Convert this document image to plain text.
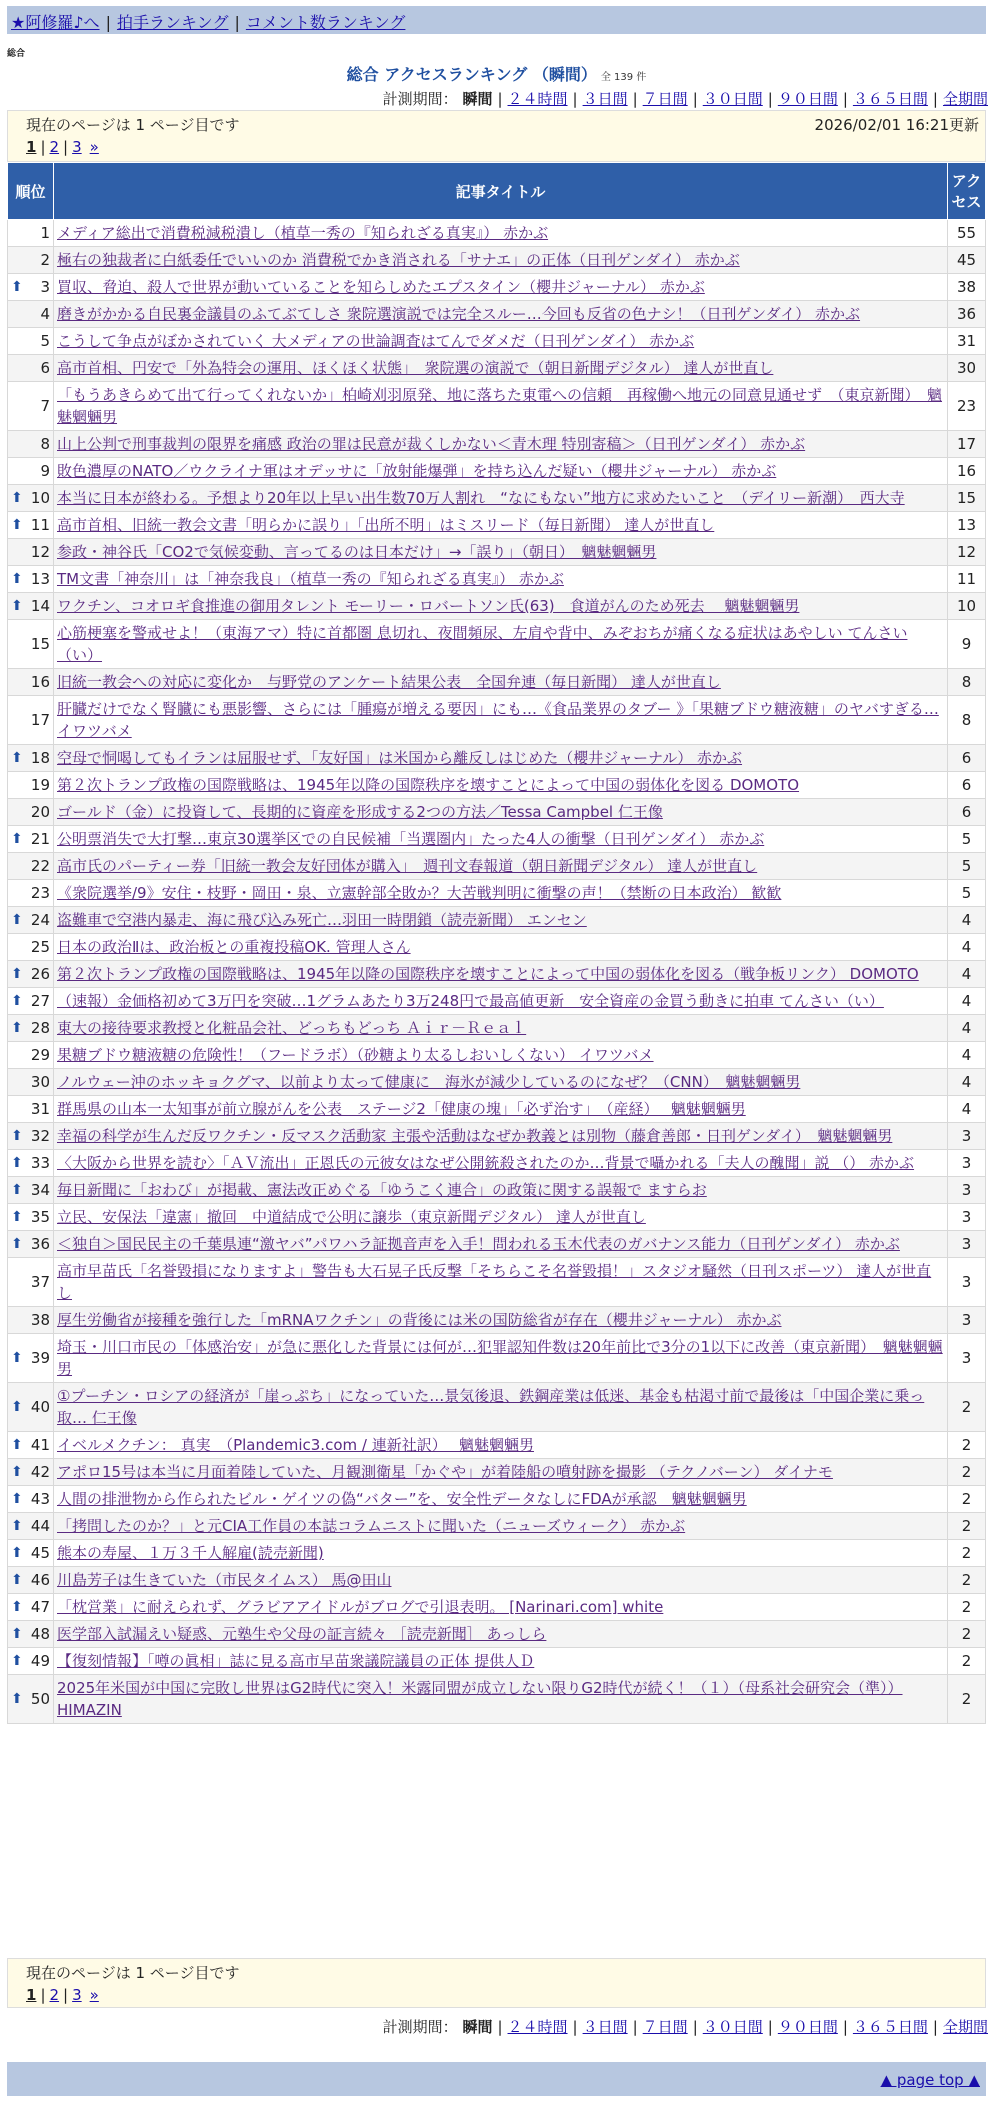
★阿修羅♪へ | 拍手ランキング | コメント数ランキング
総合
総合 アクセスランキング （瞬間） 全 139 件
計測期間： 瞬間 | ２４時間 | ３日間 | ７日間 | ３０日間 | ９０日間 | ３６５日間 | 全期間
現在のページは 1 ページ目です	2026/02/01 16:21更新
1 | 2 | 3 »
順位	記事タイトル	アクセス
1	メディア総出で消費税減税潰し（植草一秀の『知られざる真実』） 赤かぶ	55
2	極右の独裁者に白紙委任でいいのか 消費税でかき消される「サナエ」の正体（日刊ゲンダイ） 赤かぶ	45

⬆ 3	買収、脅迫、殺人で世界が動いていることを知らしめたエプスタイン（櫻井ジャーナル） 赤かぶ	38
4	磨きがかかる自民裏金議員のふてぶてしさ 衆院選演説では完全スルー…今回も反省の色ナシ！（日刊ゲンダイ） 赤かぶ	36
5	こうして争点がぼかされていく 大メディアの世論調査はてんでダメだ（日刊ゲンダイ） 赤かぶ	31
6	高市首相、円安で「外為特会の運用、ほくほく状態」　衆院選の演説で（朝日新聞デジタル） 達人が世直し	30
7	「もうあきらめて出て行ってくれないか」柏崎刈羽原発、地に落ちた東電への信頼　再稼働へ地元の同意見通せず　（東京新聞）　魑魅魍魎男	23
8	山上公判で刑事裁判の限界を痛感 政治の罪は民意が裁くしかない＜青木理 特別寄稿＞（日刊ゲンダイ） 赤かぶ	17
9	敗色濃厚のNATO／ウクライナ軍はオデッサに「放射能爆弾」を持ち込んだ疑い（櫻井ジャーナル） 赤かぶ	16

⬆ 10	本当に日本が終わる。予想より20年以上早い出生数70万人割れ　“なにもない”地方に求めたいこと　（デイリー新潮）　西大寺	15

⬆ 11	高市首相、旧統一教会文書「明らかに誤り」「出所不明」はミスリード（毎日新聞） 達人が世直し	13
12	参政・神谷氏「CO2で気候変動、言ってるのは日本だけ」→「誤り」（朝日）　魑魅魍魎男	12

⬆ 13	TM文書「神奈川」は「神奈我良」（植草一秀の『知られざる真実』） 赤かぶ	11

⬆ 14	ワクチン、コオロギ食推進の御用タレント モーリー・ロバートソン氏(63)　食道がんのため死去　 魑魅魍魎男	10
15	心筋梗塞を警戒せよ！（東海アマ）特に首都圏 息切れ、夜間頻尿、左肩や背中、みぞおちが痛くなる症状はあやしい てんさい（い）	9
16	旧統一教会への対応に変化か　与野党のアンケート結果公表　全国弁連（毎日新聞） 達人が世直し	8
17	肝臓だけでなく腎臓にも悪影響、さらには「腫瘍が増える要因」にも…《食品業界のタブー 》「果糖ブドウ糖液糖」のヤバすぎる… イワツバメ	8

⬆ 18	空母で恫喝してもイランは屈服せず、「友好国」は米国から離反しはじめた（櫻井ジャーナル） 赤かぶ	6
19	第２次トランプ政権の国際戦略は、1945年以降の国際秩序を壊すことによって中国の弱体化を図る DOMOTO	6
20	ゴールド（金）に投資して、長期的に資産を形成する2つの方法／Tessa Campbel 仁王像	6

⬆ 21	公明票消失で大打撃…東京30選挙区での自民候補「当選圏内」たった4人の衝撃（日刊ゲンダイ） 赤かぶ	5
22	高市氏のパーティー券「旧統一教会友好団体が購入」　週刊文春報道（朝日新聞デジタル） 達人が世直し	5
23	《衆院選挙/9》安住・枝野・岡田・泉、立憲幹部全敗か？大苦戦判明に衝撃の声！（禁断の日本政治） 歓歓	5

⬆ 24	盗難車で空港内暴走、海に飛び込み死亡…羽田一時閉鎖（読売新聞） エンセン	4
25	日本の政治Ⅱは、政治板との重複投稿OK. 管理人さん	4

⬆ 26	第２次トランプ政権の国際戦略は、1945年以降の国際秩序を壊すことによって中国の弱体化を図る（戦争板リンク） DOMOTO	4

⬆ 27	（速報）金価格初めて3万円を突破…1グラムあたり3万248円で最高値更新　安全資産の金買う動きに拍車 てんさい（い）	4

⬆ 28	東大の接待要求教授と化粧品会社、どっちもどっち Ａｉｒ－Ｒｅａｌ	4
29	果糖ブドウ糖液糖の危険性！（フードラボ）（砂糖より太るしおいしくない） イワツバメ	4
30	ノルウェー沖のホッキョクグマ、以前より太って健康に　海氷が減少しているのになぜ？（CNN）　魑魅魍魎男	4
31	群馬県の山本一太知事が前立腺がんを公表　ステージ2「健康の塊」「必ず治す」　（産経）　 魑魅魍魎男	4

⬆ 32	幸福の科学が生んだ反ワクチン・反マスク活動家 主張や活動はなぜか教義とは別物（藤倉善郎・日刊ゲンダイ）　魑魅魍魎男	3

⬆ 33	〈大阪から世界を読む〉「ＡＶ流出」正恩氏の元彼女はなぜ公開銃殺されたのか…背景で囁かれる「夫人の醜聞」説 （） 赤かぶ	3

⬆ 34	毎日新聞に「おわび」が掲載、憲法改正めぐる「ゆうこく連合」の政策に関する誤報で ますらお	3

⬆ 35	立民、安保法「違憲」撤回　中道結成で公明に譲歩（東京新聞デジタル） 達人が世直し	3

⬆ 36	＜独自＞国民民主の千葉県連“激ヤバ”パワハラ証拠音声を入手！問われる玉木代表のガバナンス能力（日刊ゲンダイ） 赤かぶ	3
37	高市早苗氏「名誉毀損になりますよ」警告も大石晃子氏反撃「そちらこそ名誉毀損！」スタジオ騒然（日刊スポーツ） 達人が世直し	3
38	厚生労働省が接種を強行した「mRNAワクチン」の背後には米の国防総省が存在（櫻井ジャーナル） 赤かぶ	3

⬆ 39	埼玉・川口市民の「体感治安」が急に悪化した背景には何が…犯罪認知件数は20年前比で3分の1以下に改善（東京新聞）　魑魅魍魎男	3

⬆ 40	①プーチン・ロシアの経済が「崖っぷち」になっていた…景気後退、鉄鋼産業は低迷、基金も枯渇寸前で最後は「中国企業に乗っ取… 仁王像	2

⬆ 41	イベルメクチン： 真実　（Plandemic3.com / 連新社訳）　 魑魅魍魎男	2

⬆ 42	アポロ15号は本当に月面着陸していた、月観測衛星「かぐや」が着陸船の噴射跡を撮影 （テクノバーン） ダイナモ	2

⬆ 43	人間の排泄物から作られたビル・ゲイツの偽“バター”を、安全性データなしにFDAが承認　魑魅魍魎男	2

⬆ 44	「拷問したのか？」と元CIA工作員の本誌コラムニストに聞いた（ニューズウィーク） 赤かぶ	2

⬆ 45	熊本の寿屋、１万３千人解雇(読売新聞)	2

⬆ 46	川島芳子は生きていた（市民タイムス） 馬@田山	2

⬆ 47	「枕営業」に耐えられず、グラビアアイドルがブログで引退表明。 [Narinari.com] white	2

⬆ 48	医学部入試漏えい疑惑、元塾生や父母の証言続々 ［読売新聞］ あっしら	2

⬆ 49	【復刻情報】「噂の眞相」誌に見る高市早苗衆議院議員の正体 提供人Ｄ	2

⬆ 50	2025年米国が中国に完敗し世界はG2時代に突入！米露同盟が成立しない限りG2時代が続く！（１）（母系社会研究会（準）） HIMAZIN	2
現在のページは 1 ページ目です
1 | 2 | 3 »
計測期間： 瞬間 | ２４時間 | ３日間 | ７日間 | ３０日間 | ９０日間 | ３６５日間 | 全期間
▲ page top ▲
